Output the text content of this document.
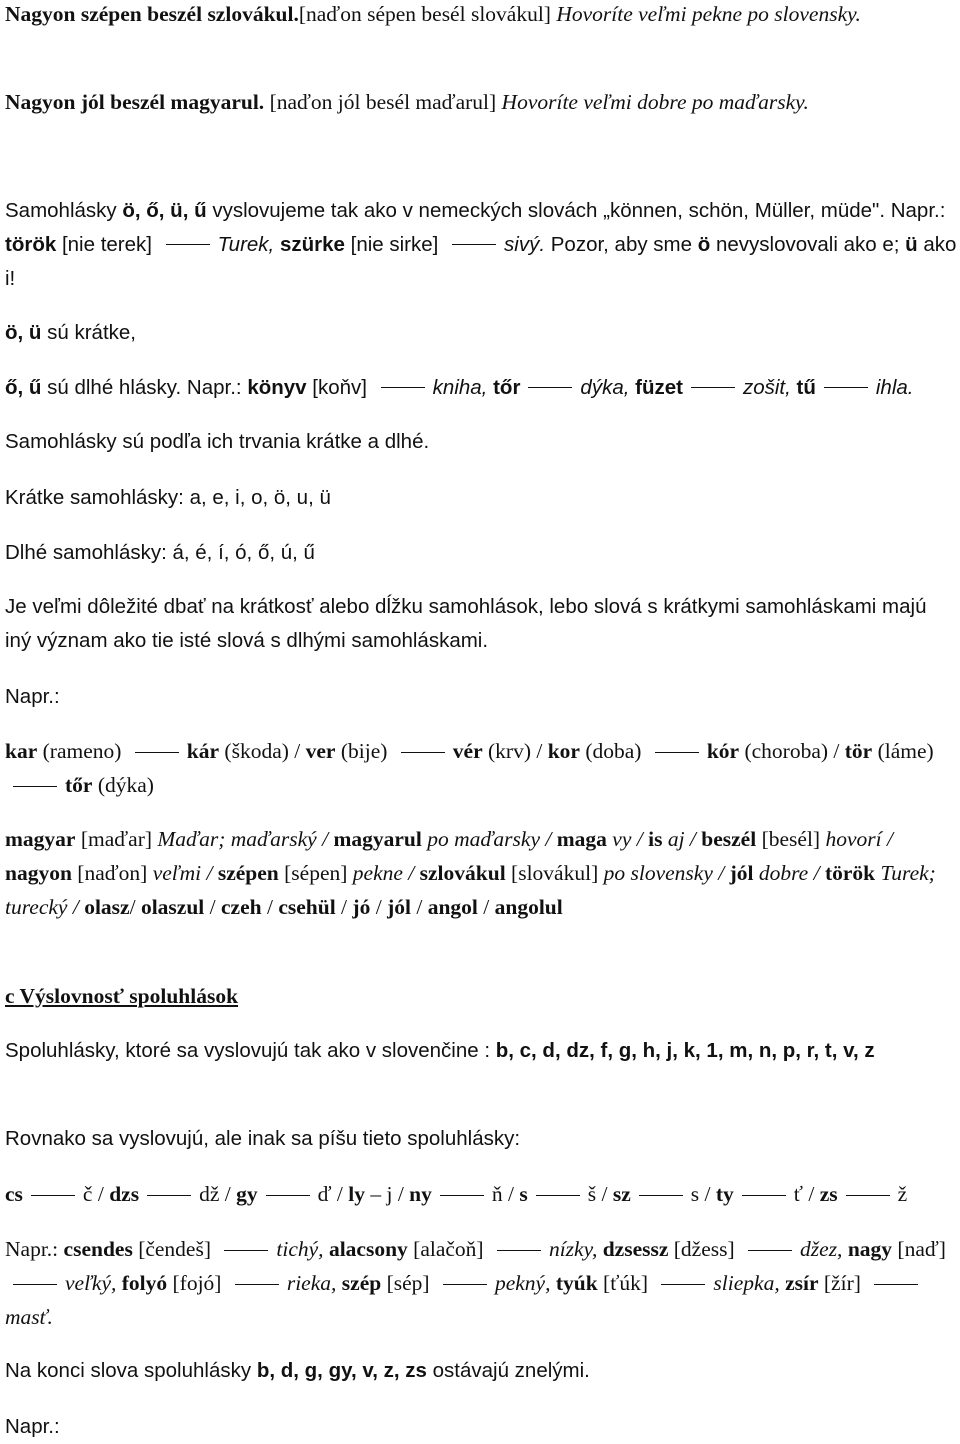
Nagyon szépen beszél szlovákul.[naďon sépen besél slovákul] Hovoríte veľmi pekne po slovensky.

Nagyon jól beszél magyarul. [naďon jól besél maďarul] Hovoríte veľmi dobre po maďarsky.

Samohlásky ö, ő, ü, ű vyslovujeme tak ako v nemeckých slovách „können, schön, Müller, müde". Napr.: török [nie terek]	Turek, szürke [nie sirke]	sivý. Pozor, aby sme ö nevyslovovali ako e; ü ako i!

ö, ü sú krátke,

ő, ű sú dlhé hlásky. Napr.: könyv [koňv]	kniha, tőr	dýka, füzet	zošit, tű	ihla.

Samohlásky sú podľa ich trvania krátke a dlhé.

Krátke samohlásky: a, e, i, o, ö, u, ü

Dlhé samohlásky: á, é, í, ó, ő, ú, ű

Je veľmi dôležité dbať na krátkosť alebo dĺžku samohlások, lebo slová s krátkymi samohláskami majú iný význam ako tie isté slová s dlhými samohláskami.

Napr.:

kar (rameno)	kár (škoda) / ver (bije)	vér (krv) / kor (doba)	kór (choroba) / tör (láme) tőr (dýka)

magyar [maďar] Maďar; maďarský / magyarul po maďarsky / maga vy / is aj / beszél [besél] hovorí / nagyon [naďon] veľmi / szépen [sépen] pekne / szlovákul [slovákul] po slovensky / jól dobre / török Turek; turecký / olasz/ olaszul / czeh / csehül / jó / jól / angol / angolul

c Výslovnosť spoluhlások

Spoluhlásky, ktoré sa vyslovujú tak ako v slovenčine : b, c, d, dz, f, g, h, j, k, 1, m, n, p, r, t, v, z

Rovnako sa vyslovujú, ale inak sa píšu tieto spoluhlásky:

cs	č / dzs	dž / gy	ď / ly – j / ny	ň / s	š / sz	s / ty	ť / zs	ž

Napr.: csendes [čendeš]	tichý, alacsony [alačoň]	nízky, dzsessz [džess]	džez, nagy [naď] veľký, folyó [fojó]	rieka, szép [sép]	pekný, tyúk [ťúk]	sliepka, zsír [žír] masť.

Na konci slova spoluhlásky b, d, g, gy, v, z, zs ostávajú znelými.

Napr.:
